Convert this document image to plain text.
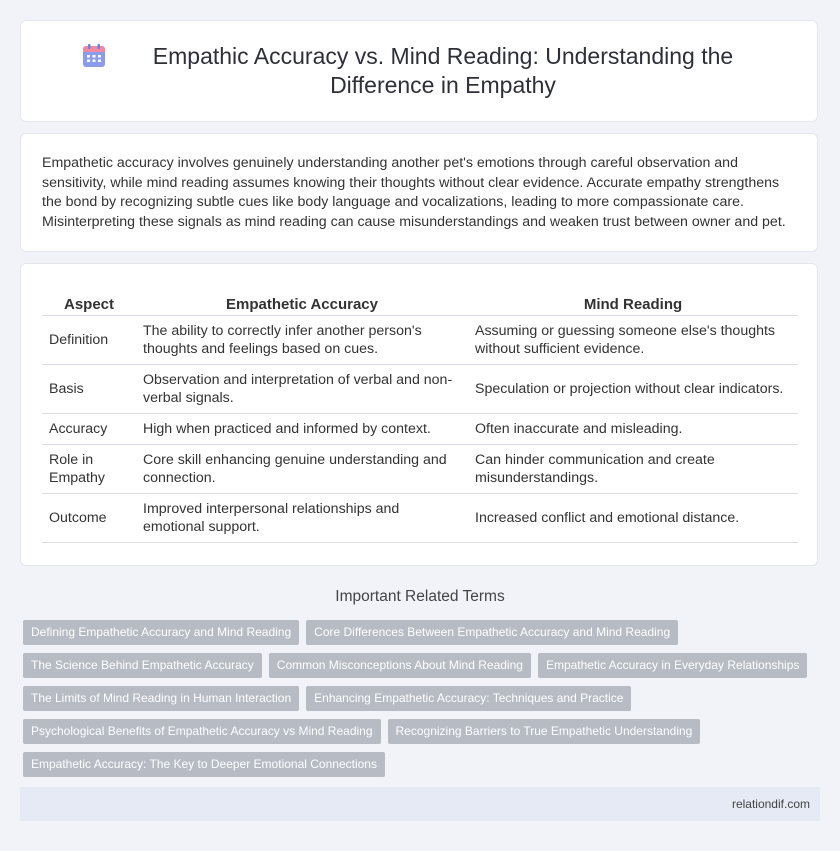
Empathic Accuracy vs. Mind Reading: Understanding the Difference in Empathy

Empathetic accuracy involves genuinely understanding another pet's emotions through careful observation and sensitivity, while mind reading assumes knowing their thoughts without clear evidence. Accurate empathy strengthens the bond by recognizing subtle cues like body language and vocalizations, leading to more compassionate care. Misinterpreting these signals as mind reading can cause misunderstandings and weaken trust between owner and pet.

Aspect	Empathetic Accuracy	Mind Reading
Definition	The ability to correctly infer another person's thoughts and feelings based on cues.	Assuming or guessing someone else's thoughts without sufficient evidence.
Basis	Observation and interpretation of verbal and non-verbal signals.	Speculation or projection without clear indicators.
Accuracy	High when practiced and informed by context.	Often inaccurate and misleading.
Role in Empathy	Core skill enhancing genuine understanding and connection.	Can hinder communication and create misunderstandings.
Outcome	Improved interpersonal relationships and emotional support.	Increased conflict and emotional distance.
Important Related Terms
Defining Empathetic Accuracy and Mind Reading	Core Differences Between Empathetic Accuracy and Mind Reading
The Science Behind Empathetic Accuracy	Common Misconceptions About Mind Reading	Empathetic Accuracy in Everyday Relationships
The Limits of Mind Reading in Human Interaction	Enhancing Empathetic Accuracy: Techniques and Practice
Psychological Benefits of Empathetic Accuracy vs Mind Reading	Recognizing Barriers to True Empathetic Understanding
Empathetic Accuracy: The Key to Deeper Emotional Connections
relationdif.com
